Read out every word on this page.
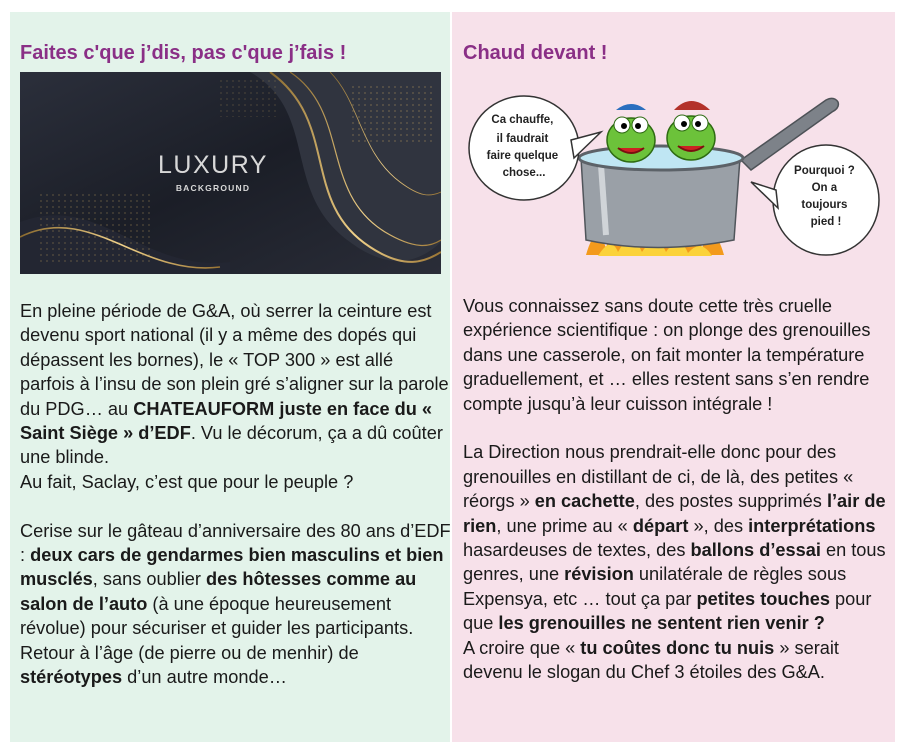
Faites c'que j’dis, pas c'que j’fais !
LUXURY
BACKGROUND
En pleine période de G&A, où serrer la ceinture est devenu sport national (il y a même des dopés qui dépassent les bornes), le « TOP 300 » est allé parfois à l’insu de son plein gré s’aligner sur la parole du PDG… au CHATEAUFORM juste en face du « Saint Siège » d’EDF. Vu le décorum, ça a dû coûter une blinde.
Au fait, Saclay, c’est que pour le peuple ?
Cerise sur le gâteau d’anniversaire des 80 ans d’EDF : deux cars de gendarmes bien masculins et bien musclés, sans oublier des hôtesses comme au salon de l’auto (à une époque heureusement révolue) pour sécuriser et guider les participants.
Retour à l’âge (de pierre ou de menhir) de stéréotypes d’un autre monde…
Chaud devant !
Ca chauffe, il faudrait faire quelque chose...	Pourquoi ? On a toujours pied !
Vous connaissez sans doute cette très cruelle expérience scientifique : on plonge des grenouilles dans une casserole, on fait monter la température graduellement, et … elles restent sans s’en rendre compte jusqu’à leur cuisson intégrale !
La Direction nous prendrait-elle donc pour des grenouilles en distillant de ci, de là, des petites « réorgs » en cachette, des postes supprimés l’air de rien, une prime au « départ », des interprétations hasardeuses de textes, des ballons d’essai en tous genres, une révision unilatérale de règles sous Expensya, etc … tout ça par petites touches pour que les grenouilles ne sentent rien venir ?
A croire que « tu coûtes donc tu nuis » serait devenu le slogan du Chef 3 étoiles des G&A.
